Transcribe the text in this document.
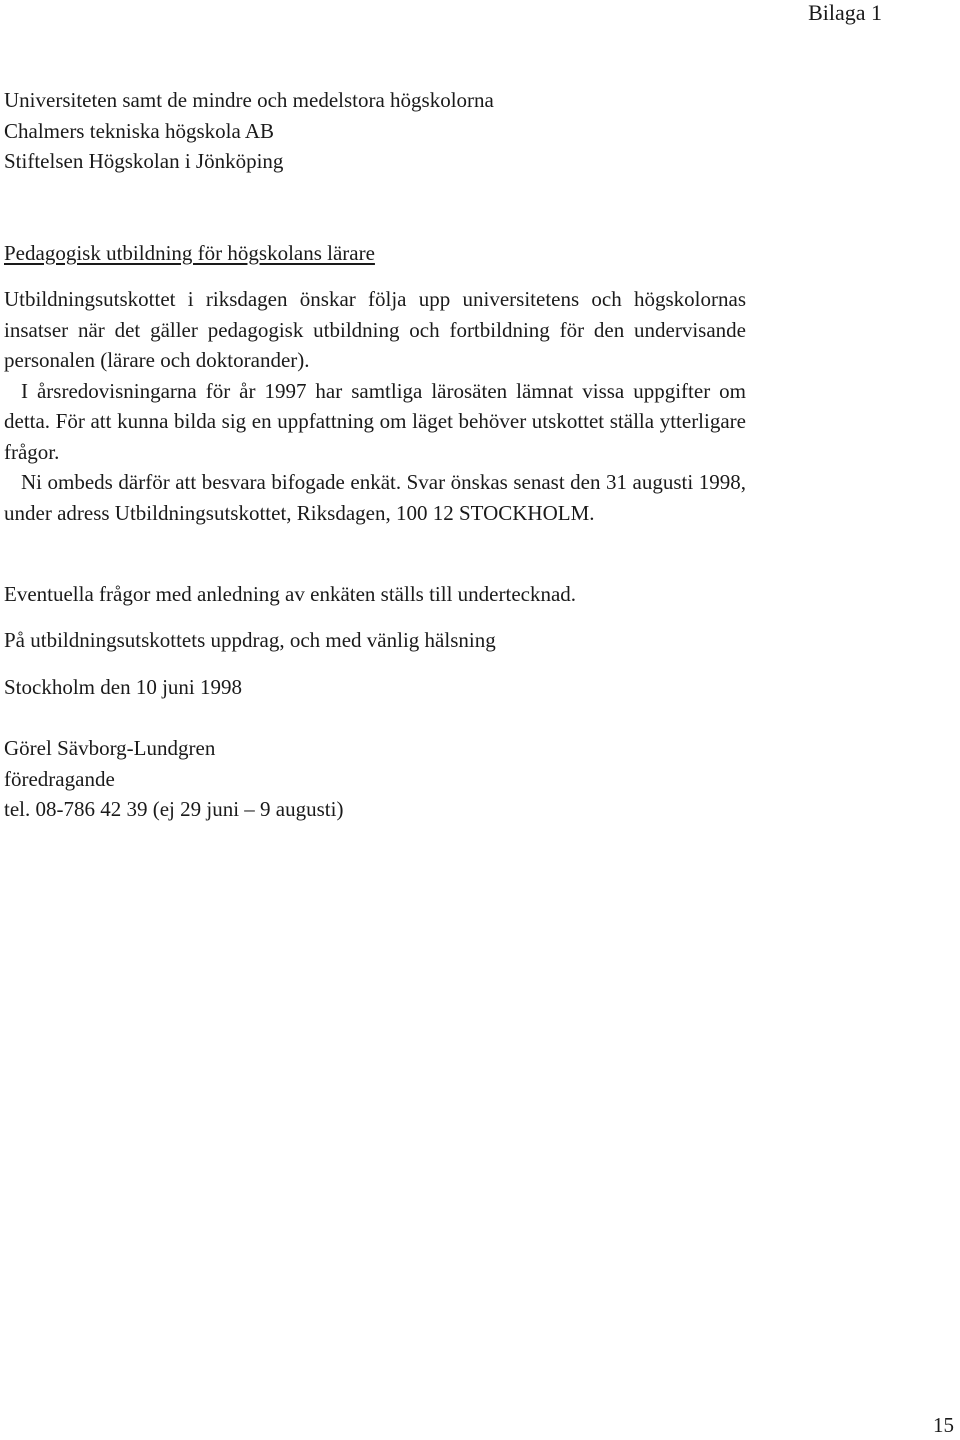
Bilaga 1
Universiteten samt de mindre och medelstora högskolorna
Chalmers tekniska högskola AB
Stiftelsen Högskolan i Jönköping
Pedagogisk utbildning för högskolans lärare

Utbildningsutskottet i riksdagen önskar följa upp universitetens och högskolornas insatser när det gäller pedagogisk utbildning och fortbildning för den undervisande personalen (lärare och doktorander).

I årsredovisningarna för år 1997 har samtliga lärosäten lämnat vissa uppgifter om detta. För att kunna bilda sig en uppfattning om läget behöver utskottet ställa ytterligare frågor.

Ni ombeds därför att besvara bifogade enkät. Svar önskas senast den 31 augusti 1998, under adress Utbildningsutskottet, Riksdagen, 100 12 STOCKHOLM.

Eventuella frågor med anledning av enkäten ställs till undertecknad.
På utbildningsutskottets uppdrag, och med vänlig hälsning
Stockholm den 10 juni 1998
Görel Sävborg-Lundgren
föredragande
tel. 08-786 42 39 (ej 29 juni – 9 augusti)
15
